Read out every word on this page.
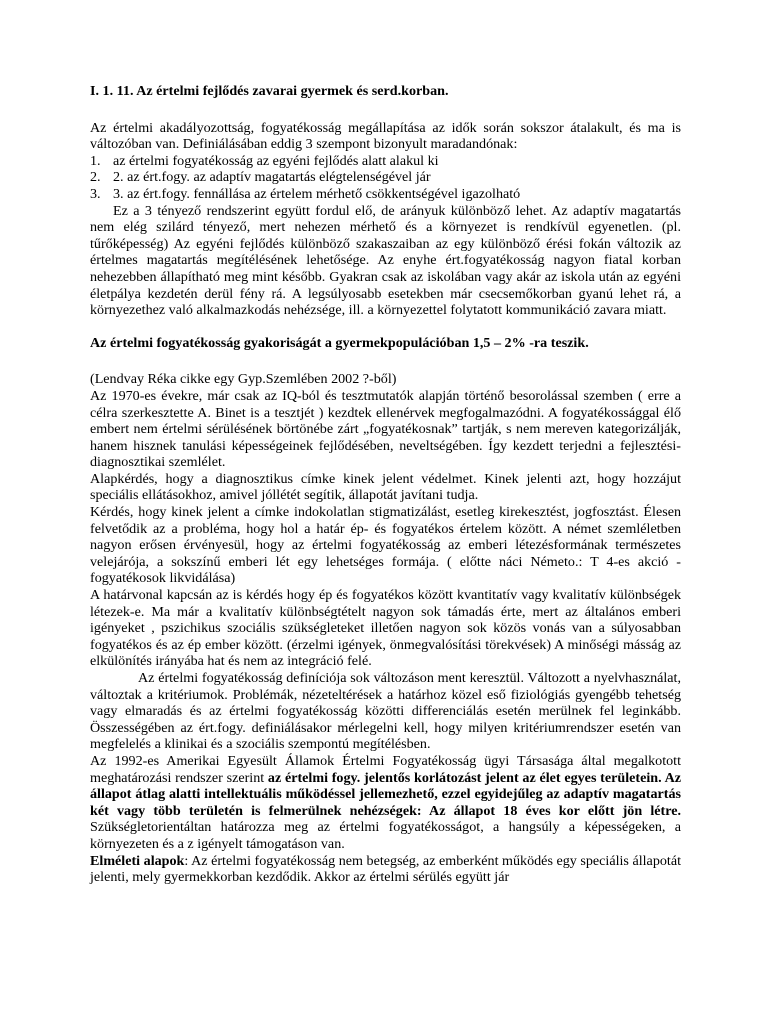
I. 1. 11. Az értelmi fejlődés zavarai gyermek és serd.korban.

Az értelmi akadályozottság, fogyatékosság megállapítása az idők során sokszor átalakult, és ma is változóban van. Definiálásában eddig 3 szempont bizonyult maradandónak:

1. az értelmi fogyatékosság az egyéni fejlődés alatt alakul ki
2. 2. az ért.fogy. az adaptív magatartás elégtelenségével jár
3. 3. az ért.fogy. fennállása az értelem mérhető csökkentségével igazolható

Ez a 3 tényező rendszerint együtt fordul elő, de arányuk különböző lehet. Az adaptív magatartás nem elég szilárd tényező, mert nehezen mérhető és a környezet is rendkívül egyenetlen. (pl. tűrőképesség) Az egyéni fejlődés különböző szakaszaiban az egy különböző érési fokán változik az értelmes magatartás megítélésének lehetősége. Az enyhe ért.fogyatékosság nagyon fiatal korban nehezebben állapítható meg mint később. Gyakran csak az iskolában vagy akár az iskola után az egyéni életpálya kezdetén derül fény rá. A legsúlyosabb esetekben már csecsemőkorban gyanú lehet rá, a környezethez való alkalmazkodás nehézsége, ill. a környezettel folytatott kommunikáció zavara miatt.

Az értelmi fogyatékosság gyakoriságát a gyermekpopulációban 1,5 – 2% -ra teszik.

(Lendvay Réka cikke egy Gyp.Szemlében 2002 ?-ből)

Az 1970-es évekre, már csak az IQ-ból és tesztmutatók alapján történő besorolással szemben ( erre a célra szerkesztette A. Binet is a tesztjét ) kezdtek ellenérvek megfogalmazódni. A fogyatékossággal élő embert nem értelmi sérülésének börtönébe zárt „fogyatékosnak” tartják, s nem mereven kategorizálják, hanem hisznek tanulási képességeinek fejlődésében, neveltségében. Így kezdett terjedni a fejlesztési-diagnosztikai szemlélet.

Alapkérdés, hogy a diagnosztikus címke kinek jelent védelmet. Kinek jelenti azt, hogy hozzájut speciális ellátásokhoz, amivel jóllétét segítik, állapotát javítani tudja.

Kérdés, hogy kinek jelent a címke indokolatlan stigmatizálást, esetleg kirekesztést, jogfosztást. Élesen felvetődik az a probléma, hogy hol a határ ép- és fogyatékos értelem között. A német szemléletben nagyon erősen érvényesül, hogy az értelmi fogyatékosság az emberi létezésformának természetes velejárója, a sokszínű emberi lét egy lehetséges formája. ( előtte náci Németo.: T 4-es akció - fogyatékosok likvidálása)

A határvonal kapcsán az is kérdés hogy ép és fogyatékos között kvantitatív vagy kvalitatív különbségek létezek-e. Ma már a kvalitatív különbségtételt nagyon sok támadás érte, mert az általános emberi igényeket , pszichikus szociális szükségleteket illetően nagyon sok közös vonás van a súlyosabban fogyatékos és az ép ember között. (érzelmi igények, önmegvalósítási törekvések) A minőségi másság az elkülönítés irányába hat és nem az integráció felé.

Az értelmi fogyatékosság definíciója sok változáson ment keresztül. Változott a nyelvhasználat, változtak a kritériumok. Problémák, nézeteltérések a határhoz közel eső fiziológiás gyengébb tehetség vagy elmaradás és az értelmi fogyatékosság közötti differenciálás esetén merülnek fel leginkább. Összességében az ért.fogy. definiálásakor mérlegelni kell, hogy milyen kritériumrendszer esetén van megfelelés a klinikai és a szociális szempontú megítélésben.

Az 1992-es Amerikai Egyesült Államok Értelmi Fogyatékosság ügyi Társasága által megalkotott meghatározási rendszer szerint az értelmi fogy. jelentős korlátozást jelent az élet egyes területein. Az állapot átlag alatti intellektuális működéssel jellemezhető, ezzel egyidejűleg az adaptív magatartás két vagy több területén is felmerülnek nehézségek: Az állapot 18 éves kor előtt jön létre. Szükségletorientáltan határozza meg az értelmi fogyatékosságot, a hangsúly a képességeken, a környezeten és a z igényelt támogatáson van.

Elméleti alapok: Az értelmi fogyatékosság nem betegség, az emberként működés egy speciális állapotát jelenti, mely gyermekkorban kezdődik. Akkor az értelmi sérülés együtt jár
